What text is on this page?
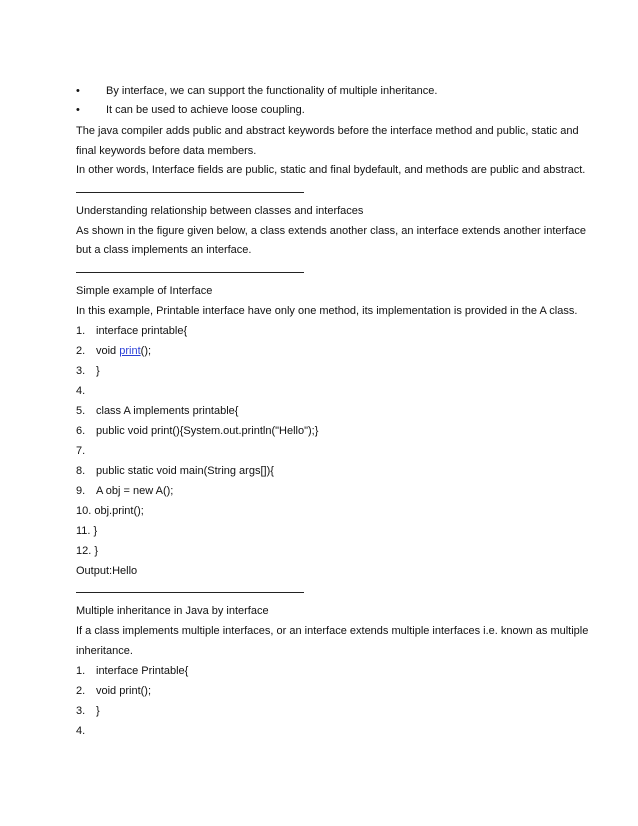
• By interface, we can support the functionality of multiple inheritance.
• It can be used to achieve loose coupling.
The java compiler adds public and abstract keywords before the interface method and public, static and
final keywords before data members.
In other words, Interface fields are public, static and final bydefault, and methods are public and abstract.
Understanding relationship between classes and interfaces
As shown in the figure given below, a class extends another class, an interface extends another interface
but a class implements an interface.
Simple example of Interface
In this example, Printable interface have only one method, its implementation is provided in the A class.
1. interface printable{
2. void print();
3. }
4.
5. class A implements printable{
6. public void print(){System.out.println("Hello");}
7.
8. public static void main(String args[]){
9. A obj = new A();
10. obj.print();
11. }
12. }
Output:Hello
Multiple inheritance in Java by interface
If a class implements multiple interfaces, or an interface extends multiple interfaces i.e. known as multiple
inheritance.
1. interface Printable{
2. void print();
3. }
4.
